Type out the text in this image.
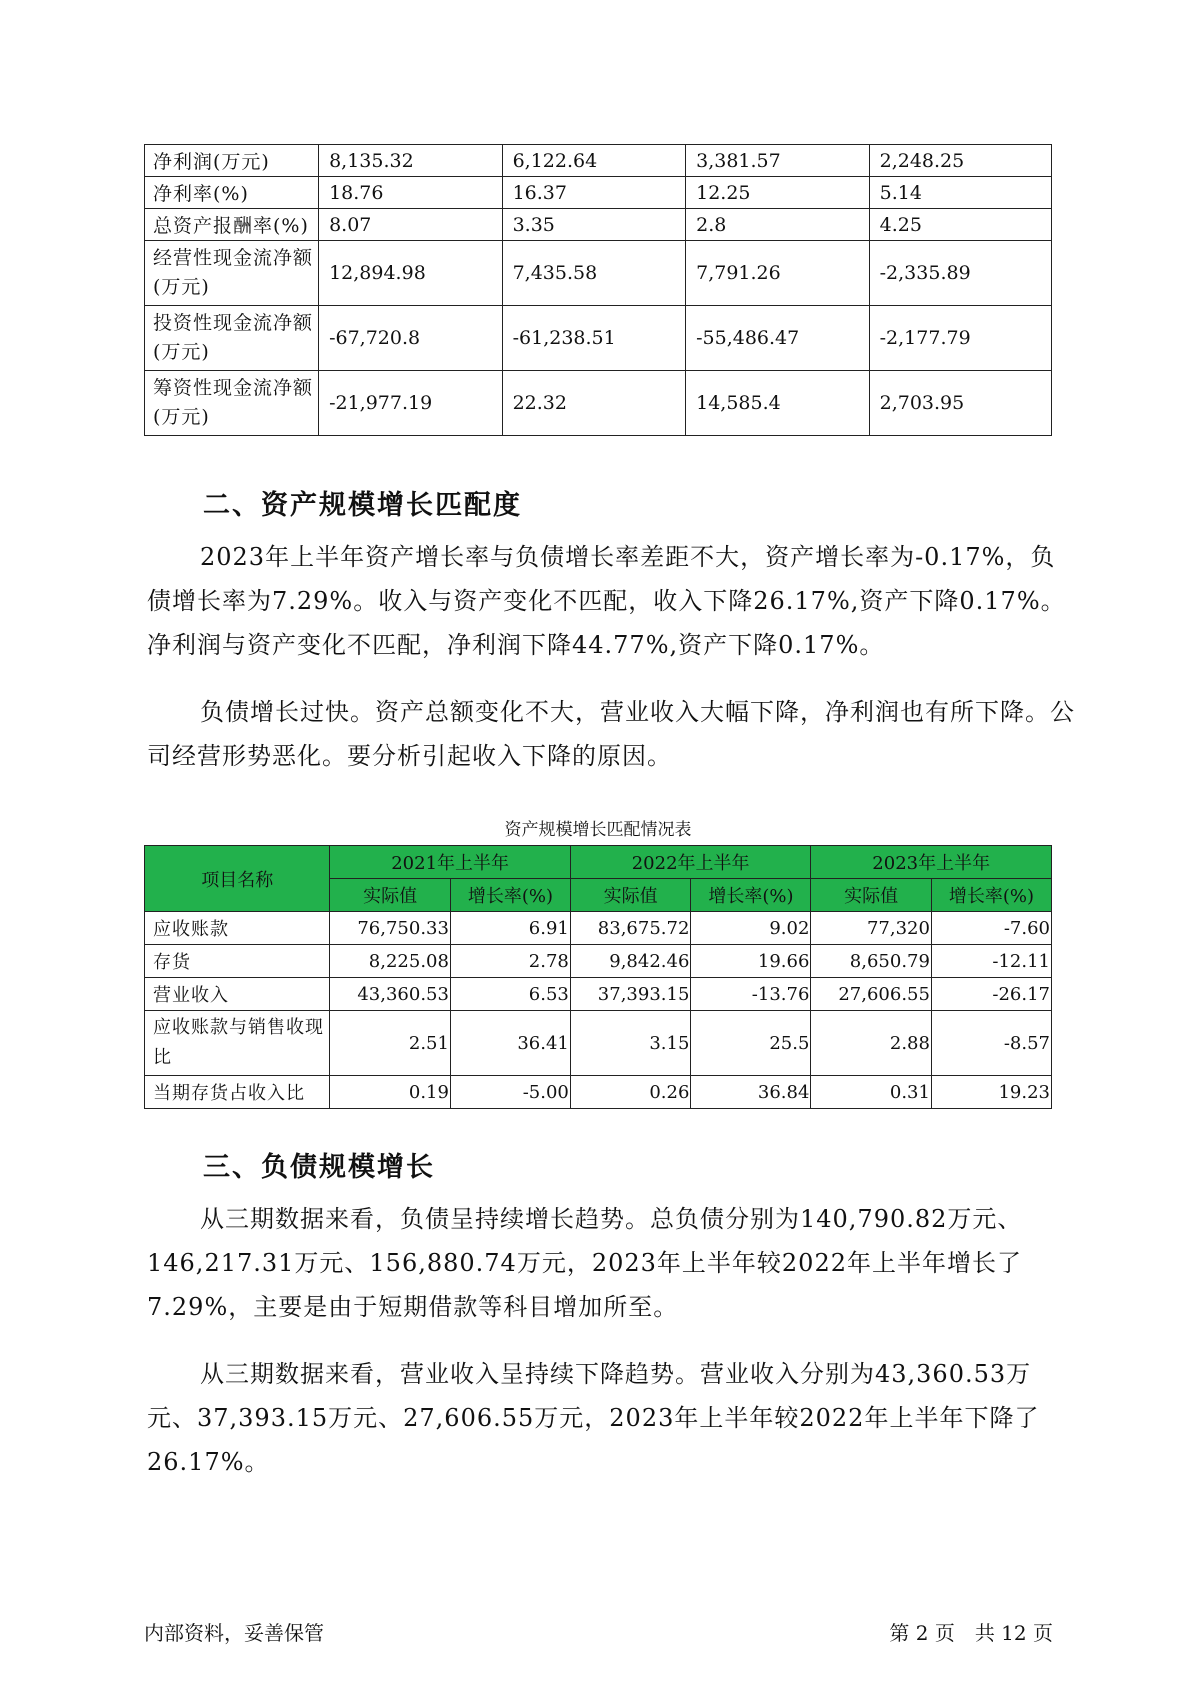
净利润(万元)	8,135.32	6,122.64	3,381.57	2,248.25
净利率(%)	18.76	16.37	12.25	5.14
总资产报酬率(%)	8.07	3.35	2.8	4.25
经营性现金流净额(万元)	12,894.98	7,435.58	7,791.26	-2,335.89
投资性现金流净额(万元)	-67,720.8	-61,238.51	-55,486.47	-2,177.79
筹资性现金流净额(万元)	-21,977.19	22.32	14,585.4	2,703.95
二、资产规模增长匹配度

2023年上半年资产增长率与负债增长率差距不大，资产增长率为-0.17%，负债增长率为7.29%。收入与资产变化不匹配，收入下降26.17%,资产下降0.17%。净利润与资产变化不匹配，净利润下降44.77%,资产下降0.17%。

负债增长过快。资产总额变化不大，营业收入大幅下降，净利润也有所下降。公司经营形势恶化。要分析引起收入下降的原因。

资产规模增长匹配情况表
项目名称	2021年上半年		2022年上半年		2023年上半年	
	实际值	增长率(%)	实际值	增长率(%)	实际值	增长率(%)
应收账款	76,750.33	6.91	83,675.72	9.02	77,320	-7.60
存货	8,225.08	2.78	9,842.46	19.66	8,650.79	-12.11
营业收入	43,360.53	6.53	37,393.15	-13.76	27,606.55	-26.17
应收账款与销售收现比	2.51	36.41	3.15	25.5	2.88	-8.57
当期存货占收入比	0.19	-5.00	0.26	36.84	0.31	19.23
三、负债规模增长

从三期数据来看，负债呈持续增长趋势。总负债分别为140,790.82万元、146,217.31万元、156,880.74万元，2023年上半年较2022年上半年增长了7.29%，主要是由于短期借款等科目增加所至。

从三期数据来看，营业收入呈持续下降趋势。营业收入分别为43,360.53万元、37,393.15万元、27,606.55万元，2023年上半年较2022年上半年下降了26.17%。

内部资料，妥善保管	第 2 页　共 12 页
